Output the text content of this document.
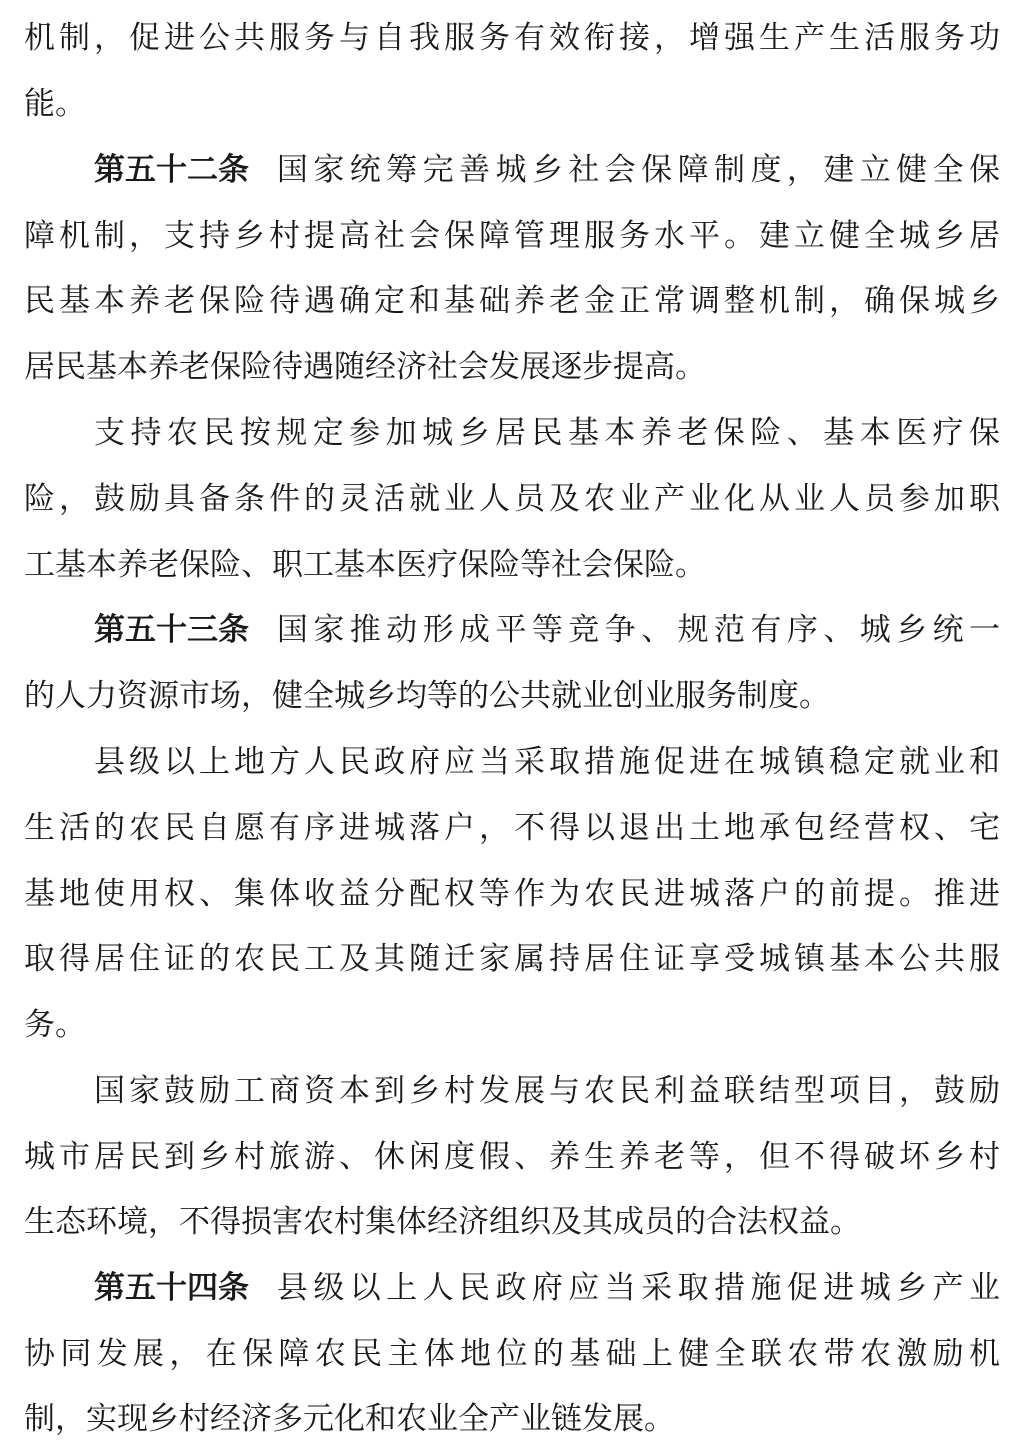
机制，促进公共服务与自我服务有效衔接，增强生产生活服务功
能。
第五十二条 国家统筹完善城乡社会保障制度，建立健全保
障机制，支持乡村提高社会保障管理服务水平。建立健全城乡居
民基本养老保险待遇确定和基础养老金正常调整机制，确保城乡
居民基本养老保险待遇随经济社会发展逐步提高。
支持农民按规定参加城乡居民基本养老保险、基本医疗保
险，鼓励具备条件的灵活就业人员及农业产业化从业人员参加职
工基本养老保险、职工基本医疗保险等社会保险。
第五十三条 国家推动形成平等竞争、规范有序、城乡统一
的人力资源市场，健全城乡均等的公共就业创业服务制度。
县级以上地方人民政府应当采取措施促进在城镇稳定就业和
生活的农民自愿有序进城落户，不得以退出土地承包经营权、宅
基地使用权、集体收益分配权等作为农民进城落户的前提。推进
取得居住证的农民工及其随迁家属持居住证享受城镇基本公共服
务。
国家鼓励工商资本到乡村发展与农民利益联结型项目，鼓励
城市居民到乡村旅游、休闲度假、养生养老等，但不得破坏乡村
生态环境，不得损害农村集体经济组织及其成员的合法权益。
第五十四条 县级以上人民政府应当采取措施促进城乡产业
协同发展，在保障农民主体地位的基础上健全联农带农激励机
制，实现乡村经济多元化和农业全产业链发展。
